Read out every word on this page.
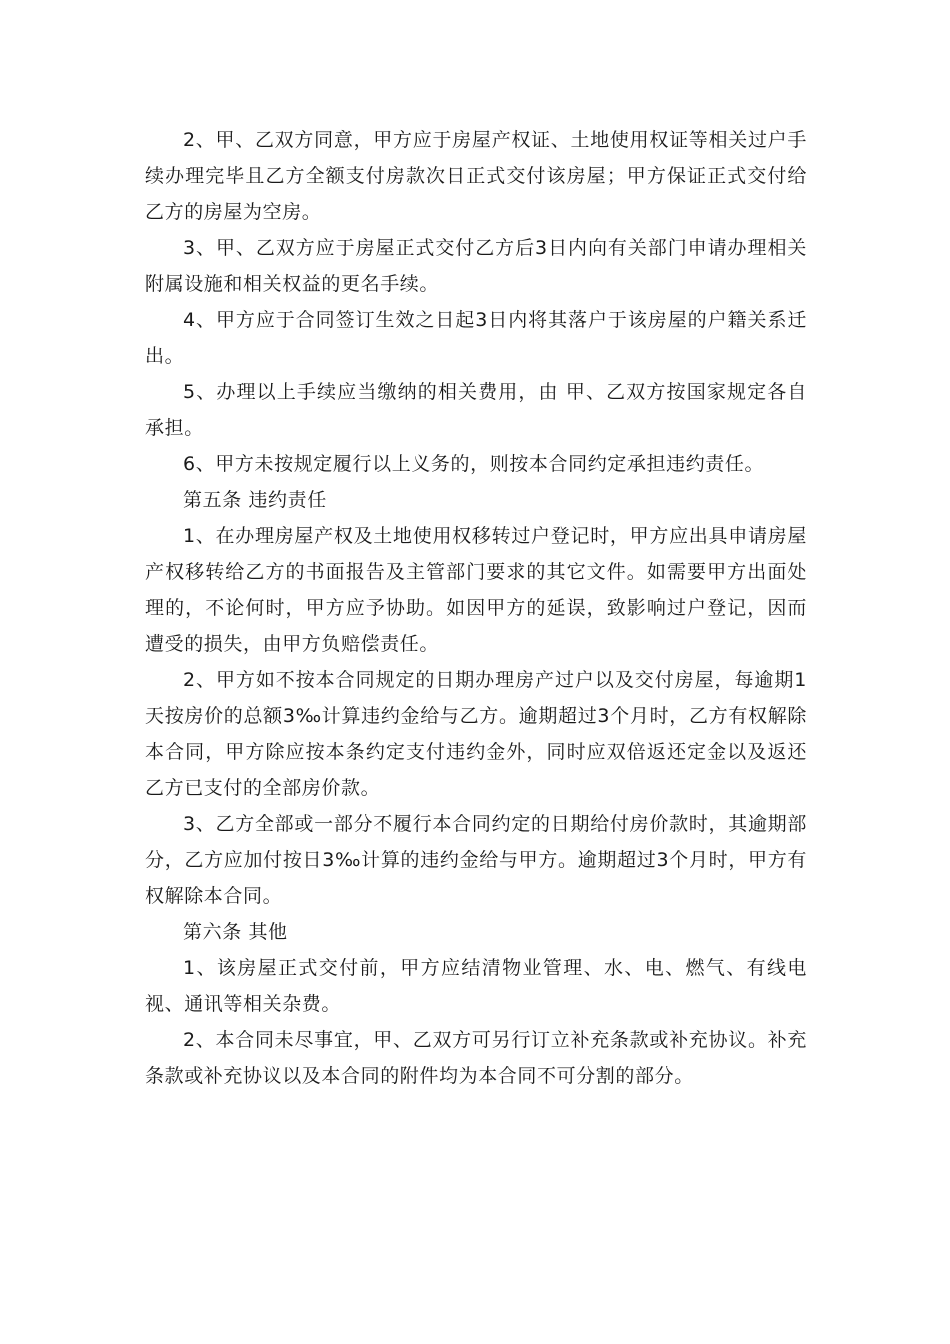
2、甲、乙双方同意，甲方应于房屋产权证、土地使用权证等相关过户手续办理完毕且乙方全额支付房款次日正式交付该房屋；甲方保证正式交付给乙方的房屋为空房。

3、甲、乙双方应于房屋正式交付乙方后3日内向有关部门申请办理相关附属设施和相关权益的更名手续。

4、甲方应于合同签订生效之日起3日内将其落户于该房屋的户籍关系迁出。

5、办理以上手续应当缴纳的相关费用，由 甲、乙双方按国家规定各自承担。

6、甲方未按规定履行以上义务的，则按本合同约定承担违约责任。

第五条 违约责任

1、在办理房屋产权及土地使用权移转过户登记时，甲方应出具申请房屋产权移转给乙方的书面报告及主管部门要求的其它文件。如需要甲方出面处理的，不论何时，甲方应予协助。如因甲方的延误，致影响过户登记，因而遭受的损失，由甲方负赔偿责任。

2、甲方如不按本合同规定的日期办理房产过户以及交付房屋，每逾期1天按房价的总额3‰计算违约金给与乙方。逾期超过3个月时，乙方有权解除本合同，甲方除应按本条约定支付违约金外，同时应双倍返还定金以及返还乙方已支付的全部房价款。

3、乙方全部或一部分不履行本合同约定的日期给付房价款时，其逾期部分，乙方应加付按日3‰计算的违约金给与甲方。逾期超过3个月时，甲方有权解除本合同。

第六条 其他

1、该房屋正式交付前，甲方应结清物业管理、水、电、燃气、有线电视、通讯等相关杂费。

2、本合同未尽事宜，甲、乙双方可另行订立补充条款或补充协议。补充条款或补充协议以及本合同的附件均为本合同不可分割的部分。
